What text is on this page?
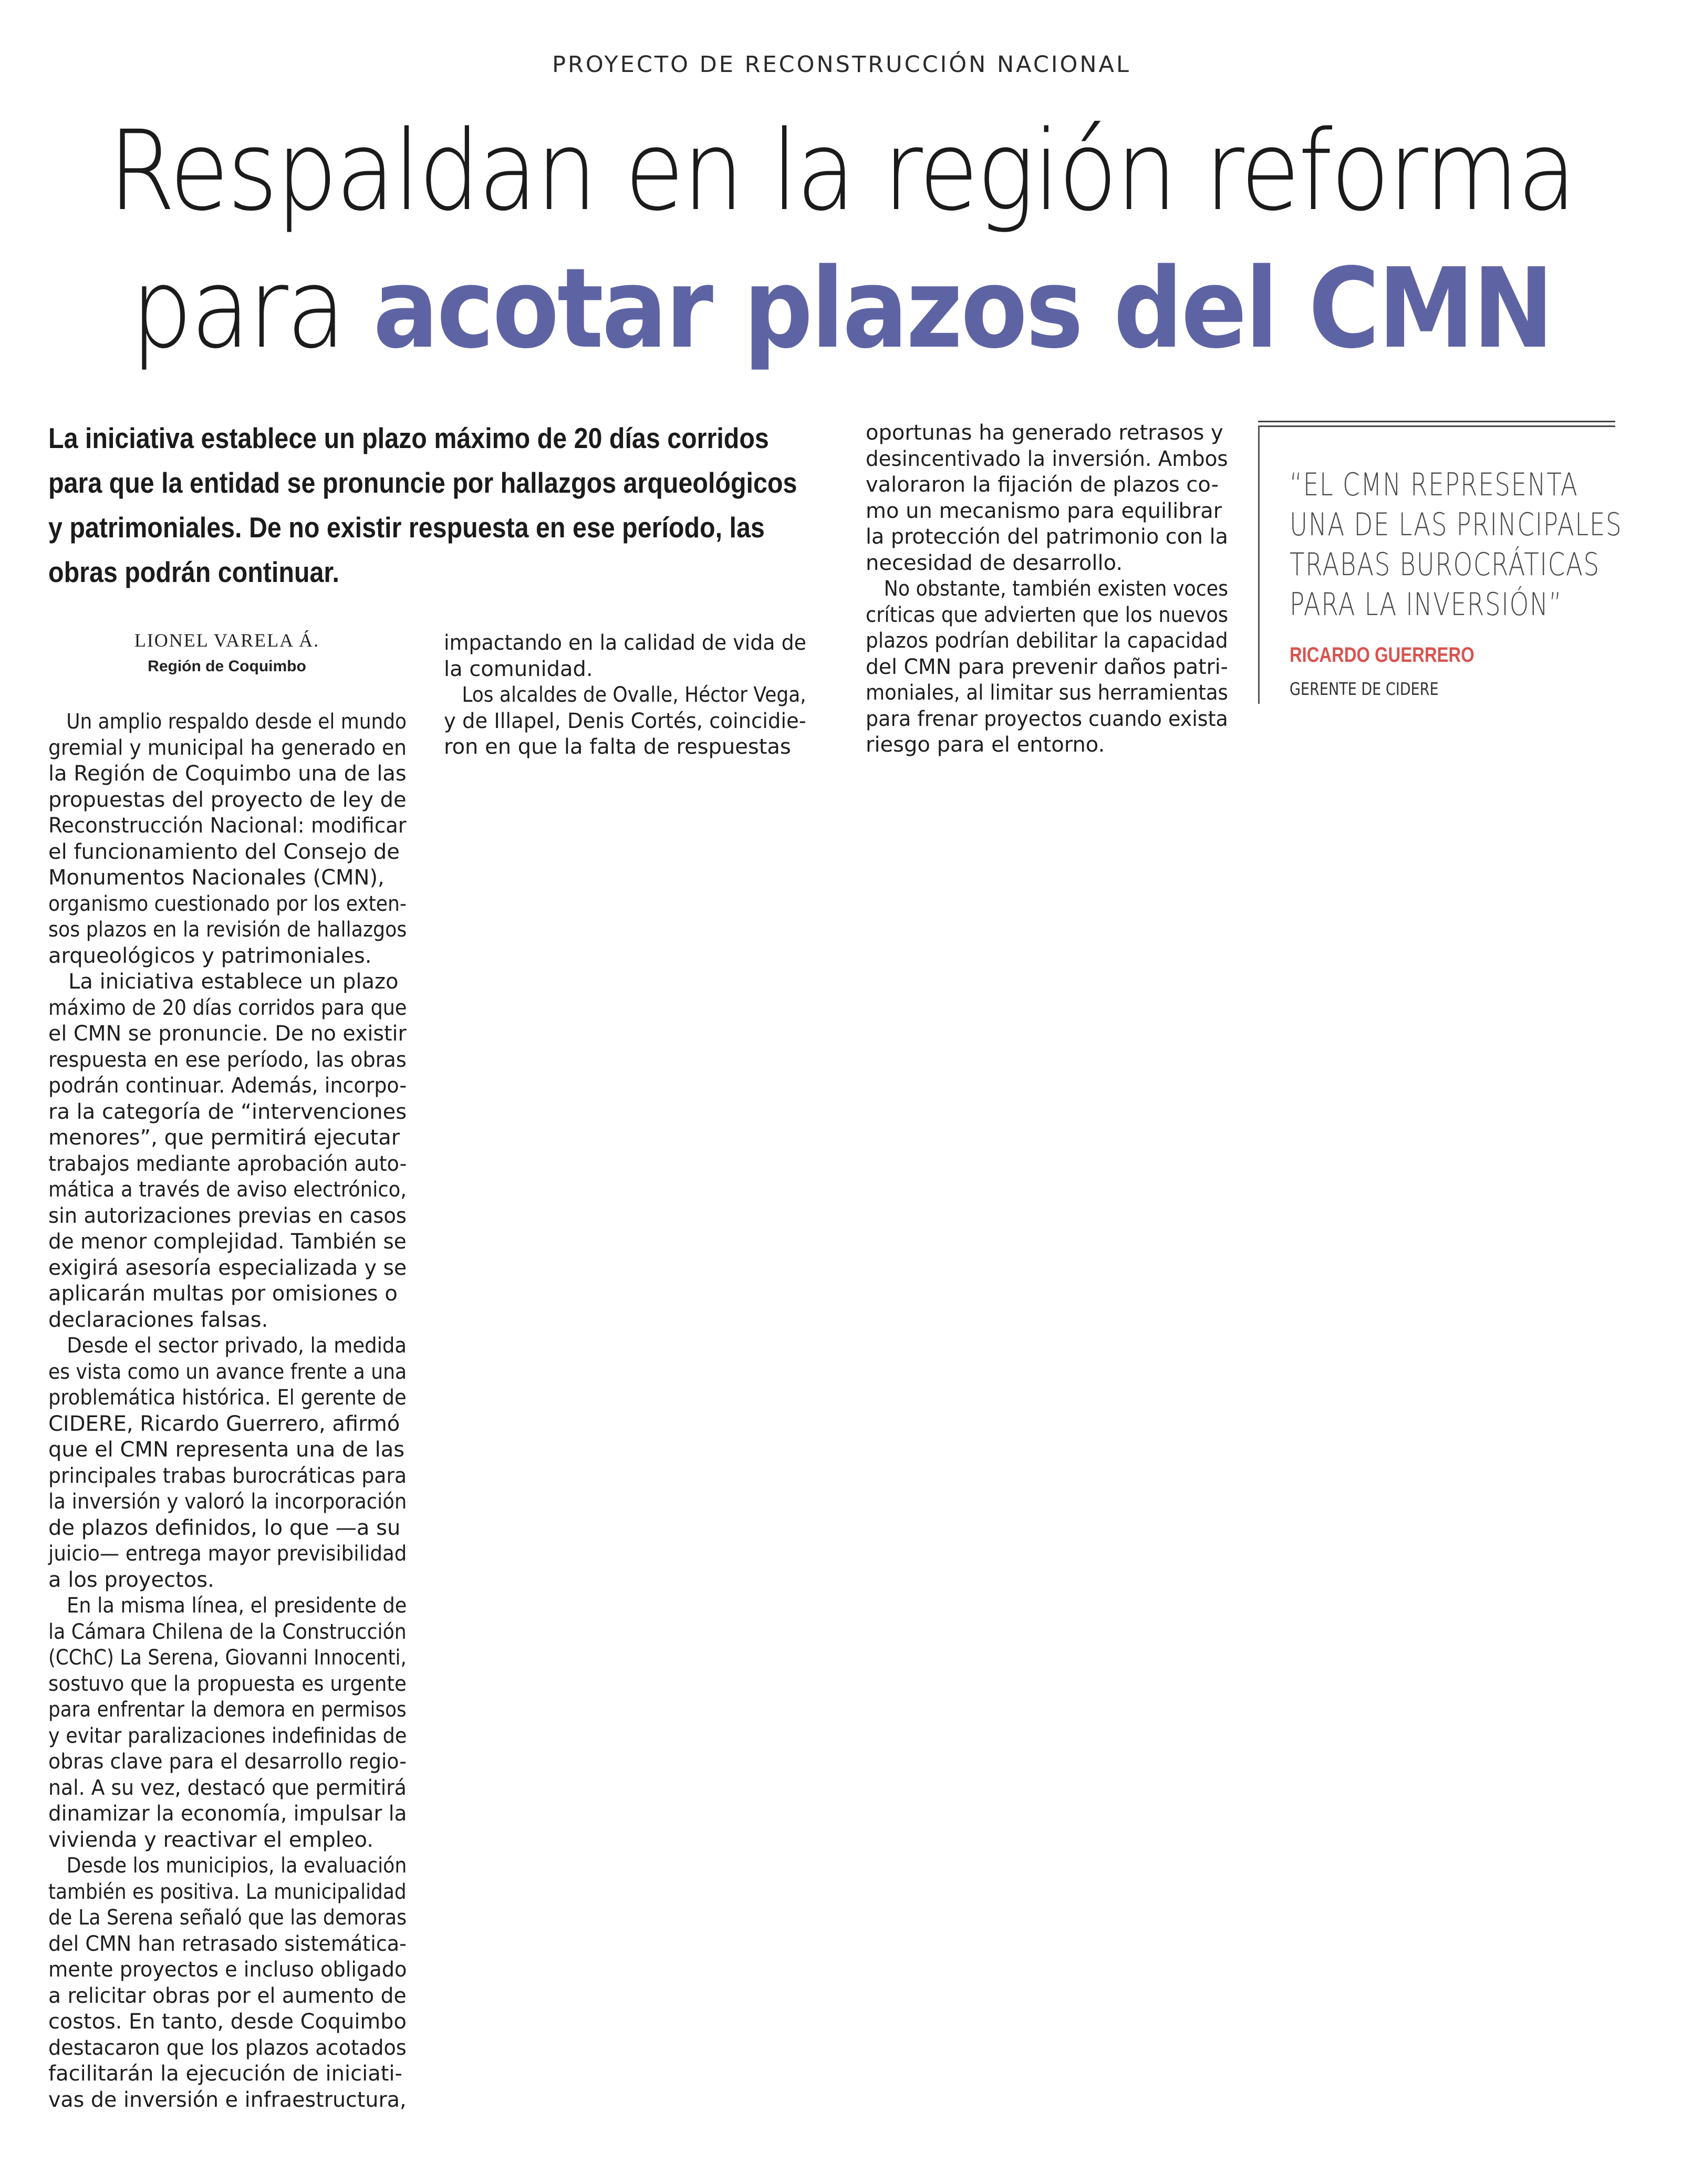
PROYECTO DE RECONSTRUCCIÓN NACIONAL
Respaldan en la región reforma
para acotar plazos del CMN
La iniciativa establece un plazo máximo de 20 días corridos
para que la entidad se pronuncie por hallazgos arqueológicos
y patrimoniales. De no existir respuesta en ese período, las
obras podrán continuar.
LIONEL VARELA Á.
Región de Coquimbo
Un amplio respaldo desde el mundo
gremial y municipal ha generado en
la Región de Coquimbo una de las
propuestas del proyecto de ley de
Reconstrucción Nacional: modificar
el funcionamiento del Consejo de
Monumentos Nacionales (CMN),
organismo cuestionado por los exten-
sos plazos en la revisión de hallazgos
arqueológicos y patrimoniales.
La iniciativa establece un plazo
máximo de 20 días corridos para que
el CMN se pronuncie. De no existir
respuesta en ese período, las obras
podrán continuar. Además, incorpo-
ra la categoría de “intervenciones
menores”, que permitirá ejecutar
trabajos mediante aprobación auto-
mática a través de aviso electrónico,
sin autorizaciones previas en casos
de menor complejidad. También se
exigirá asesoría especializada y se
aplicarán multas por omisiones o
declaraciones falsas.
Desde el sector privado, la medida
es vista como un avance frente a una
problemática histórica. El gerente de
CIDERE, Ricardo Guerrero, afirmó
que el CMN representa una de las
principales trabas burocráticas para
la inversión y valoró la incorporación
de plazos definidos, lo que —a su
juicio— entrega mayor previsibilidad
a los proyectos.
En la misma línea, el presidente de
la Cámara Chilena de la Construcción
(CChC) La Serena, Giovanni Innocenti,
sostuvo que la propuesta es urgente
para enfrentar la demora en permisos
y evitar paralizaciones indefinidas de
obras clave para el desarrollo regio-
nal. A su vez, destacó que permitirá
dinamizar la economía, impulsar la
vivienda y reactivar el empleo.
Desde los municipios, la evaluación
también es positiva. La municipalidad
de La Serena señaló que las demoras
del CMN han retrasado sistemática-
mente proyectos e incluso obligado
a relicitar obras por el aumento de
costos. En tanto, desde Coquimbo
destacaron que los plazos acotados
facilitarán la ejecución de iniciati-
vas de inversión e infraestructura,
impactando en la calidad de vida de
la comunidad.
Los alcaldes de Ovalle, Héctor Vega,
y de Illapel, Denis Cortés, coincidie-
ron en que la falta de respuestas
oportunas ha generado retrasos y
desincentivado la inversión. Ambos
valoraron la fijación de plazos co-
mo un mecanismo para equilibrar
la protección del patrimonio con la
necesidad de desarrollo.
No obstante, también existen voces
críticas que advierten que los nuevos
plazos podrían debilitar la capacidad
del CMN para prevenir daños patri-
moniales, al limitar sus herramientas
para frenar proyectos cuando exista
riesgo para el entorno.
“EL CMN REPRESENTA
UNA DE LAS PRINCIPALES
TRABAS BUROCRÁTICAS
PARA LA INVERSIÓN”
RICARDO GUERRERO
GERENTE DE CIDERE
